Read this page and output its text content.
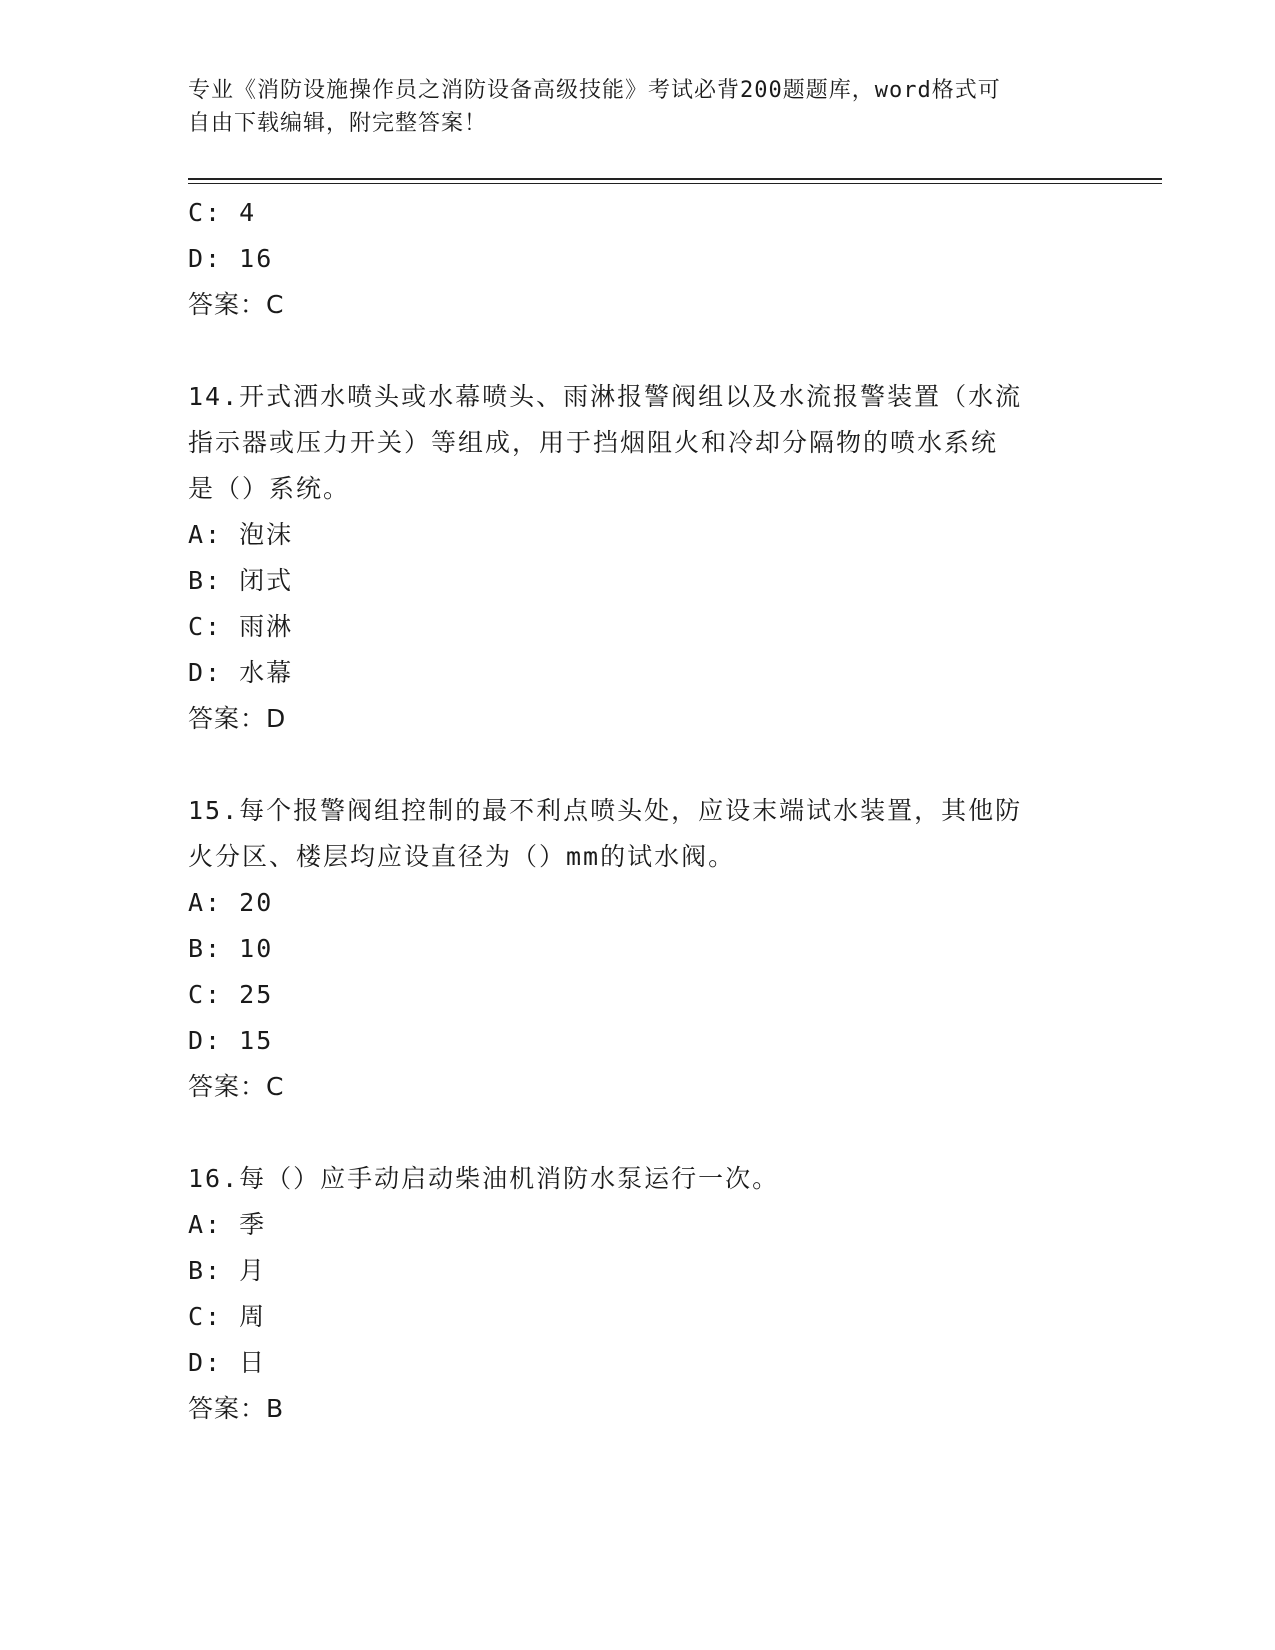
专业《消防设施操作员之消防设备高级技能》考试必背200题题库，word格式可
自由下载编辑，附完整答案！
C: 4
D: 16
答案：C
14.开式洒水喷头或水幕喷头、雨淋报警阀组以及水流报警装置（水流
指示器或压力开关）等组成，用于挡烟阻火和冷却分隔物的喷水系统
是（）系统。
A: 泡沫
B: 闭式
C: 雨淋
D: 水幕
答案：D
15.每个报警阀组控制的最不利点喷头处，应设末端试水装置，其他防
火分区、楼层均应设直径为（）mm的试水阀。
A: 20
B: 10
C: 25
D: 15
答案：C
16.每（）应手动启动柴油机消防水泵运行一次。
A: 季
B: 月
C: 周
D: 日
答案：B
